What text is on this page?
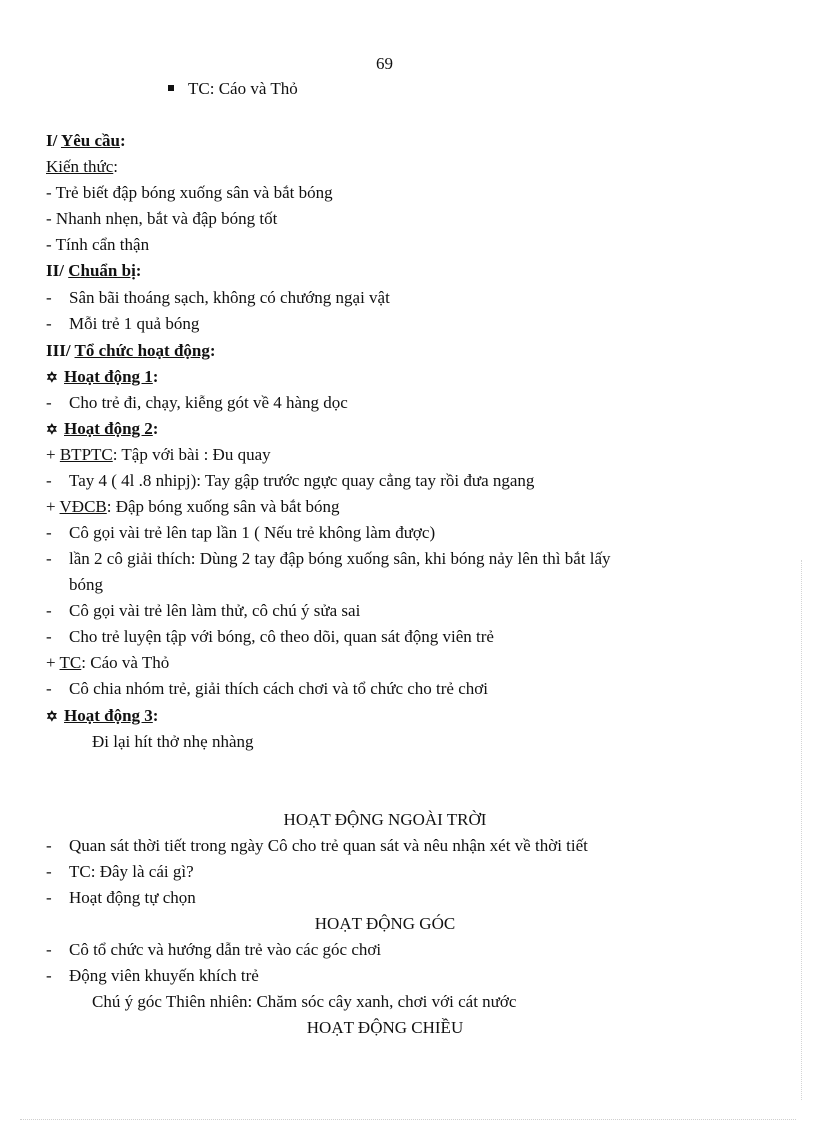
69
TC: Cáo và Thỏ
I/ Yêu cầu:
Kiến thức:
- Trẻ biết đập bóng xuống sân và bắt bóng
- Nhanh nhẹn, bắt và đập bóng tốt
- Tính cẩn thận
II/ Chuẩn bị:
- Sân bãi thoáng sạch, không có chướng ngại vật
- Mỗi trẻ 1 quả bóng
III/ Tổ chức hoạt động:
✡ Hoạt động 1:
- Cho trẻ đi, chạy, kiễng gót về 4 hàng dọc
✡ Hoạt động 2:
+ BTPTC: Tập với bài : Đu quay
- Tay 4 ( 4l .8 nhipj): Tay gập trước ngực quay cẳng tay rồi đưa ngang
+ VĐCB: Đập bóng xuống sân và bắt bóng
- Cô gọi vài trẻ lên tap lần 1 ( Nếu trẻ không làm được)
- lần 2 cô giải thích: Dùng 2 tay đập bóng xuống sân, khi bóng nảy lên thì bắt lấy
bóng
- Cô gọi vài trẻ lên làm thử, cô chú ý sửa sai
- Cho trẻ luyện tập với bóng, cô theo dõi, quan sát động viên trẻ
+ TC: Cáo và Thỏ
- Cô chia nhóm trẻ, giải thích cách chơi và tổ chức cho trẻ chơi
✡ Hoạt động 3:
Đi lại hít thở nhẹ nhàng
HOẠT ĐỘNG NGOÀI TRỜI
- Quan sát thời tiết trong ngày Cô cho trẻ quan sát và nêu nhận xét về thời tiết
- TC: Đây là cái gì?
- Hoạt động tự chọn
HOẠT ĐỘNG GÓC
- Cô tổ chức và hướng dẫn trẻ vào các góc chơi
- Động viên khuyến khích trẻ
Chú ý góc Thiên nhiên: Chăm sóc cây xanh, chơi với cát nước
HOẠT ĐỘNG CHIỀU
